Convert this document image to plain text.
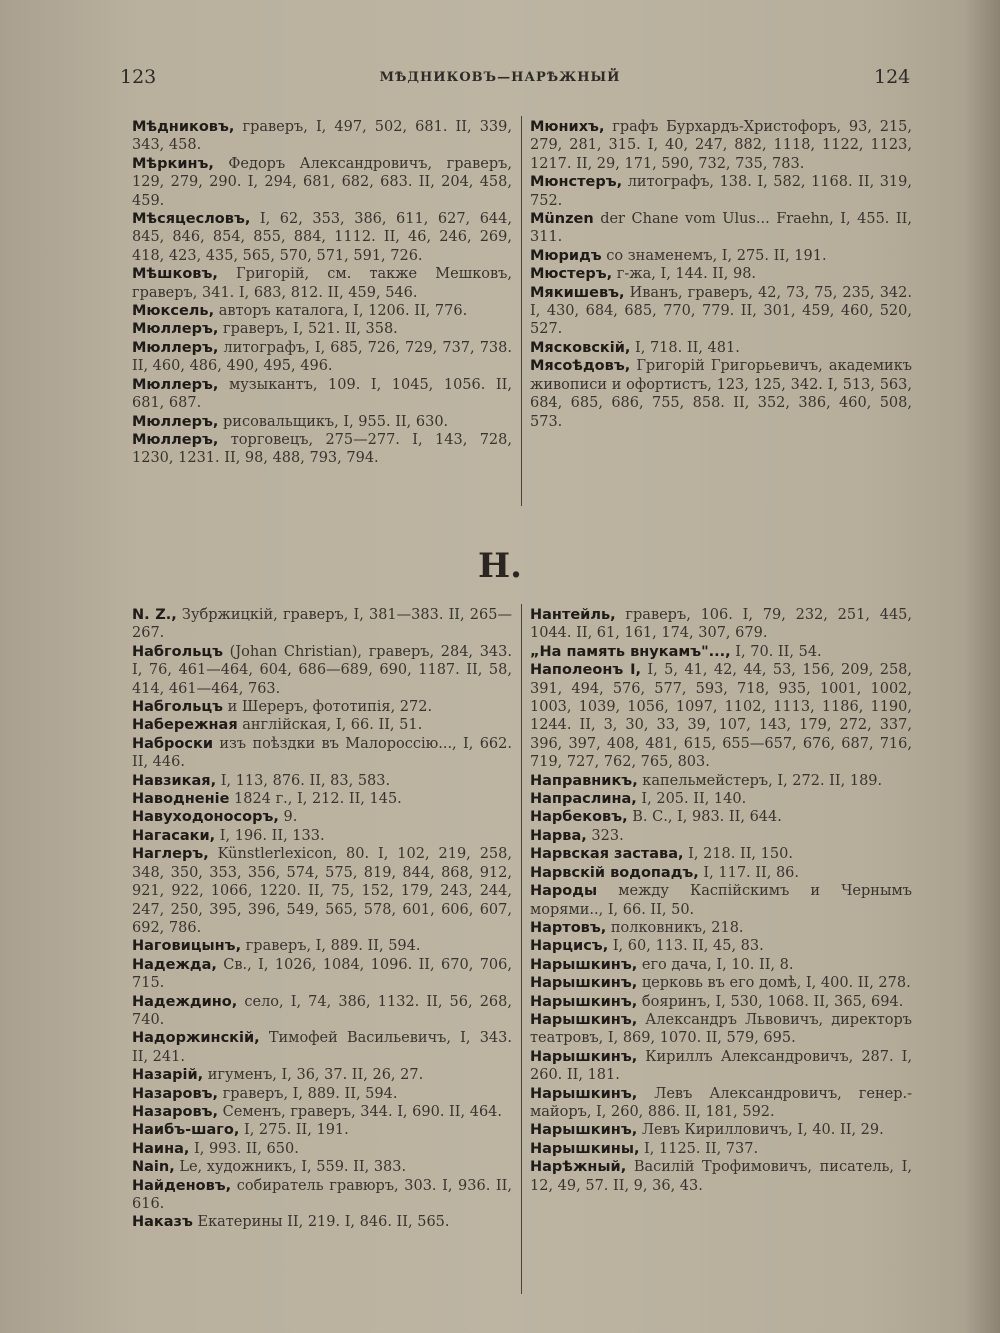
123	МѢДНИКОВЪ—НАРѢЖНЫЙ	124

Мѣдниковъ, граверъ, I, 497, 502, 681. II, 339, 343, 458.

Мѣркинъ, Федоръ Александровичъ, граверъ, 129, 279, 290. I, 294, 681, 682, 683. II, 204, 458, 459.

Мѣсяцесловъ, I, 62, 353, 386, 611, 627, 644, 845, 846, 854, 855, 884, 1112. II, 46, 246, 269, 418, 423, 435, 565, 570, 571, 591, 726.

Мѣшковъ, Григорій, см. также Мешковъ, граверъ, 341. I, 683, 812. II, 459, 546.

Мюксель, авторъ каталога, I, 1206. II, 776.

Мюллеръ, граверъ, I, 521. II, 358.

Мюллеръ, литографъ, I, 685, 726, 729, 737, 738. II, 460, 486, 490, 495, 496.

Мюллеръ, музыкантъ, 109. I, 1045, 1056. II, 681, 687.

Мюллеръ, рисовальщикъ, I, 955. II, 630.

Мюллеръ, торговецъ, 275—277. I, 143, 728, 1230, 1231. II, 98, 488, 793, 794.

Мюнихъ, графъ Бурхардъ-Христофоръ, 93, 215, 279, 281, 315. I, 40, 247, 882, 1118, 1122, 1123, 1217. II, 29, 171, 590, 732, 735, 783.

Мюнстеръ, литографъ, 138. I, 582, 1168. II, 319, 752.

Münzen der Chane vom Ulus... Fraehn, I, 455. II, 311.

Мюридъ со знаменемъ, I, 275. II, 191.

Мюстеръ, г-жа, I, 144. II, 98.

Мякишевъ, Иванъ, граверъ, 42, 73, 75, 235, 342. I, 430, 684, 685, 770, 779. II, 301, 459, 460, 520, 527.

Мясковскій, I, 718. II, 481.

Мясоѣдовъ, Григорій Григорьевичъ, академикъ живописи и офортистъ, 123, 125, 342. I, 513, 563, 684, 685, 686, 755, 858. II, 352, 386, 460, 508, 573.

Н.

N. Z., Зубржицкій, граверъ, I, 381—383. II, 265—267.

Набгольцъ (Johan Christian), граверъ, 284, 343. I, 76, 461—464, 604, 686—689, 690, 1187. II, 58, 414, 461—464, 763.

Набгольцъ и Шереръ, фототипія, 272.

Набережная англійская, I, 66. II, 51.

Наброски изъ поѣздки въ Малороссію..., I, 662. II, 446.

Навзикая, I, 113, 876. II, 83, 583.

Наводненіе 1824 г., I, 212. II, 145.

Навуходоносоръ, 9.

Нагасаки, I, 196. II, 133.

Наглеръ, Künstlerlexicon, 80. I, 102, 219, 258, 348, 350, 353, 356, 574, 575, 819, 844, 868, 912, 921, 922, 1066, 1220. II, 75, 152, 179, 243, 244, 247, 250, 395, 396, 549, 565, 578, 601, 606, 607, 692, 786.

Наговицынъ, граверъ, I, 889. II, 594.

Надежда, Св., I, 1026, 1084, 1096. II, 670, 706, 715.

Надеждино, село, I, 74, 386, 1132. II, 56, 268, 740.

Надоржинскій, Тимофей Васильевичъ, I, 343. II, 241.

Назарій, игуменъ, I, 36, 37. II, 26, 27.

Назаровъ, граверъ, I, 889. II, 594.

Назаровъ, Семенъ, граверъ, 344. I, 690. II, 464.

Наибъ-шаго, I, 275. II, 191.

Наина, I, 993. II, 650.

Nain, Le, художникъ, I, 559. II, 383.

Найденовъ, собиратель гравюръ, 303. I, 936. II, 616.

Наказъ Екатерины II, 219. I, 846. II, 565.

Нантейль, граверъ, 106. I, 79, 232, 251, 445, 1044. II, 61, 161, 174, 307, 679.

„На память внукамъ"..., I, 70. II, 54.

Наполеонъ I, I, 5, 41, 42, 44, 53, 156, 209, 258, 391, 494, 576, 577, 593, 718, 935, 1001, 1002, 1003, 1039, 1056, 1097, 1102, 1113, 1186, 1190, 1244. II, 3, 30, 33, 39, 107, 143, 179, 272, 337, 396, 397, 408, 481, 615, 655—657, 676, 687, 716, 719, 727, 762, 765, 803.

Направникъ, капельмейстеръ, I, 272. II, 189.

Напраслина, I, 205. II, 140.

Нарбековъ, В. С., I, 983. II, 644.

Нарва, 323.

Нарвская застава, I, 218. II, 150.

Нарвскій водопадъ, I, 117. II, 86.

Народы между Каспійскимъ и Чернымъ морями.., I, 66. II, 50.

Нартовъ, полковникъ, 218.

Нарцисъ, I, 60, 113. II, 45, 83.

Нарышкинъ, его дача, I, 10. II, 8.

Нарышкинъ, церковь въ его домѣ, I, 400. II, 278.

Нарышкинъ, бояринъ, I, 530, 1068. II, 365, 694.

Нарышкинъ, Александръ Львовичъ, директоръ театровъ, I, 869, 1070. II, 579, 695.

Нарышкинъ, Кириллъ Александровичъ, 287. I, 260. II, 181.

Нарышкинъ, Левъ Александровичъ, генер.-майоръ, I, 260, 886. II, 181, 592.

Нарышкинъ, Левъ Кирилловичъ, I, 40. II, 29.

Нарышкины, I, 1125. II, 737.

Нарѣжный, Василій Трофимовичъ, писатель, I, 12, 49, 57. II, 9, 36, 43.
